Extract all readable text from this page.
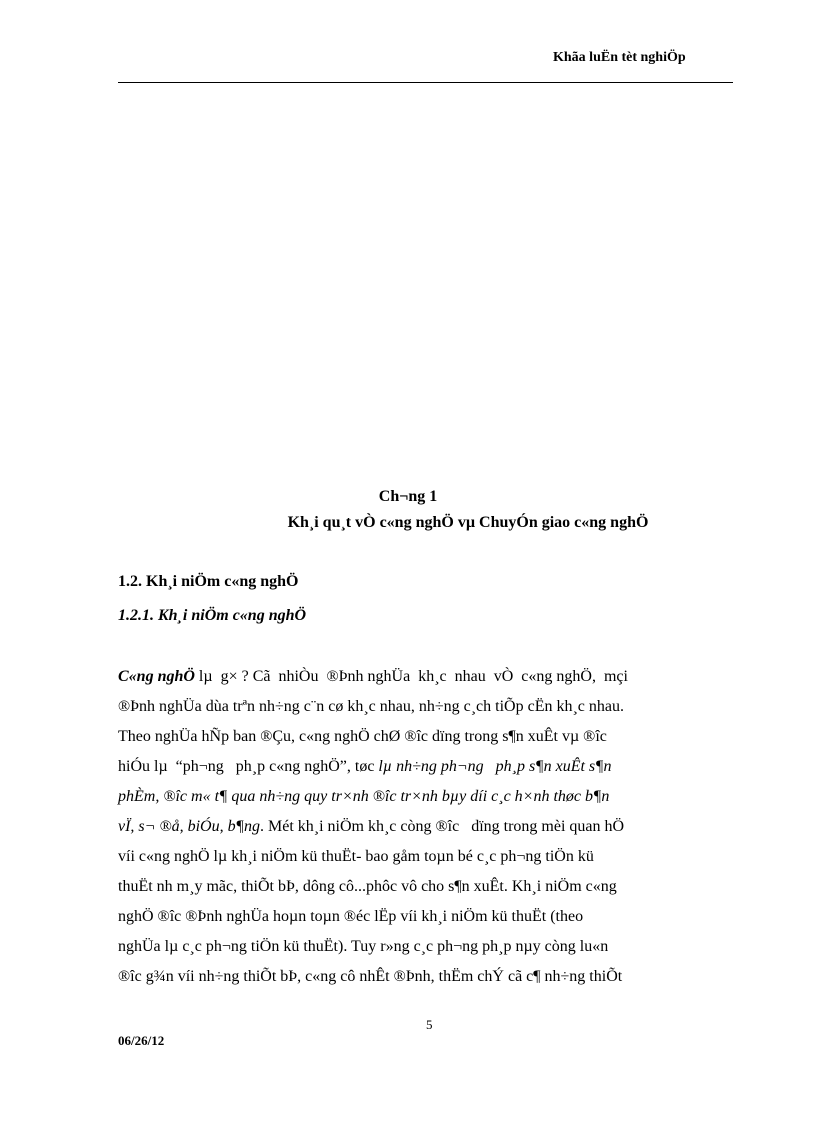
Khãa luËn tèt nghiÖp
Ch¬ng 1
Kh¸i qu¸t vÒ c«ng nghÖ vµ ChuyÓn giao c«ng nghÖ
1.2. Kh¸i niÖm c«ng nghÖ
1.2.1. Kh¸i niÖm c«ng nghÖ
C«ng nghÖ lµ  g× ? Cã  nhiÒu  ®Þnh nghÜa  kh¸c  nhau  vÒ  c«ng nghÖ,  mçi
®Þnh nghÜa dùa trªn nh÷ng c¨n cø kh¸c nhau, nh÷ng c¸ch tiÕp cËn kh¸c nhau.
Theo nghÜa hÑp ban ®Çu, c«ng nghÖ chØ ®îc dïng trong s¶n xuÊt vµ ®îc
hiÓu lµ  “ph¬ng   ph¸p c«ng nghÖ”, tøc lµ nh÷ng ph¬ng   ph¸p s¶n xuÊt s¶n
phÈm, ®îc m« t¶ qua nh÷ng quy tr×nh ®îc tr×nh bµy díi c¸c h×nh thøc b¶n
vÏ, s¬ ®å, biÓu, b¶ng . Mét kh¸i niÖm kh¸c còng ®îc   dïng trong mèi quan hÖ
víi c«ng nghÖ lµ kh¸i niÖm kü thuËt- bao gåm toµn bé c¸c ph¬ng tiÖn kü
thuËt nh m¸y mãc, thiÕt bÞ, dông cô...phôc vô cho s¶n xuÊt. Kh¸i niÖm c«ng
nghÖ ®îc ®Þnh nghÜa hoµn toµn ®éc lËp víi kh¸i niÖm kü thuËt (theo
nghÜa lµ c¸c ph¬ng tiÖn kü thuËt). Tuy r»ng c¸c ph¬ng ph¸p nµy còng lu«n
®îc g¾n víi nh÷ng thiÕt bÞ, c«ng cô nhÊt ®Þnh, thËm chÝ cã c¶ nh÷ng thiÕt
5
06/26/12
